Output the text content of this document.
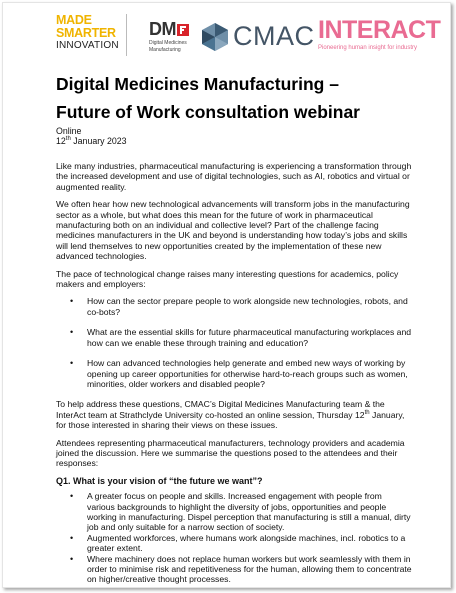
MADE
SMARTER
INNOVATION
DM
Digital Medicines
Manufacturing	CMAC INTERACT
Pioneering human insight for industry
Digital Medicines Manufacturing –
Future of Work consultation webinar
Online
12th January 2023

Like many industries, pharmaceutical manufacturing is experiencing a transformation through the increased development and use of digital technologies, such as AI, robotics and virtual or augmented reality.

We often hear how new technological advancements will transform jobs in the manufacturing sector as a whole, but what does this mean for the future of work in pharmaceutical manufacturing both on an individual and collective level? Part of the challenge facing medicines manufacturers in the UK and beyond is understanding how today’s jobs and skills will lend themselves to new opportunities created by the implementation of these new advanced technologies.

The pace of technological change raises many interesting questions for academics, policy makers and employers:

• How can the sector prepare people to work alongside new technologies, robots, and co-bots?
• What are the essential skills for future pharmaceutical manufacturing workplaces and how can we enable these through training and education?
• How can advanced technologies help generate and embed new ways of working by opening up career opportunities for otherwise hard-to-reach groups such as women, minorities, older workers and disabled people?

To help address these questions, CMAC’s Digital Medicines Manufacturing team & the InterAct team at Strathclyde University co-hosted an online session, Thursday 12th January, for those interested in sharing their views on these issues.

Attendees representing pharmaceutical manufacturers, technology providers and academia joined the discussion. Here we summarise the questions posed to the attendees and their responses:

Q1. What is your vision of “the future we want”?
• A greater focus on people and skills. Increased engagement with people from various backgrounds to highlight the diversity of jobs, opportunities and people working in manufacturing. Dispel perception that manufacturing is still a manual, dirty job and only suitable for a narrow section of society.
• Augmented workforces, where humans work alongside machines, incl. robotics to a greater extent.
• Where machinery does not replace human workers but work seamlessly with them in order to minimise risk and repetitiveness for the human, allowing them to concentrate on higher/creative thought processes.
